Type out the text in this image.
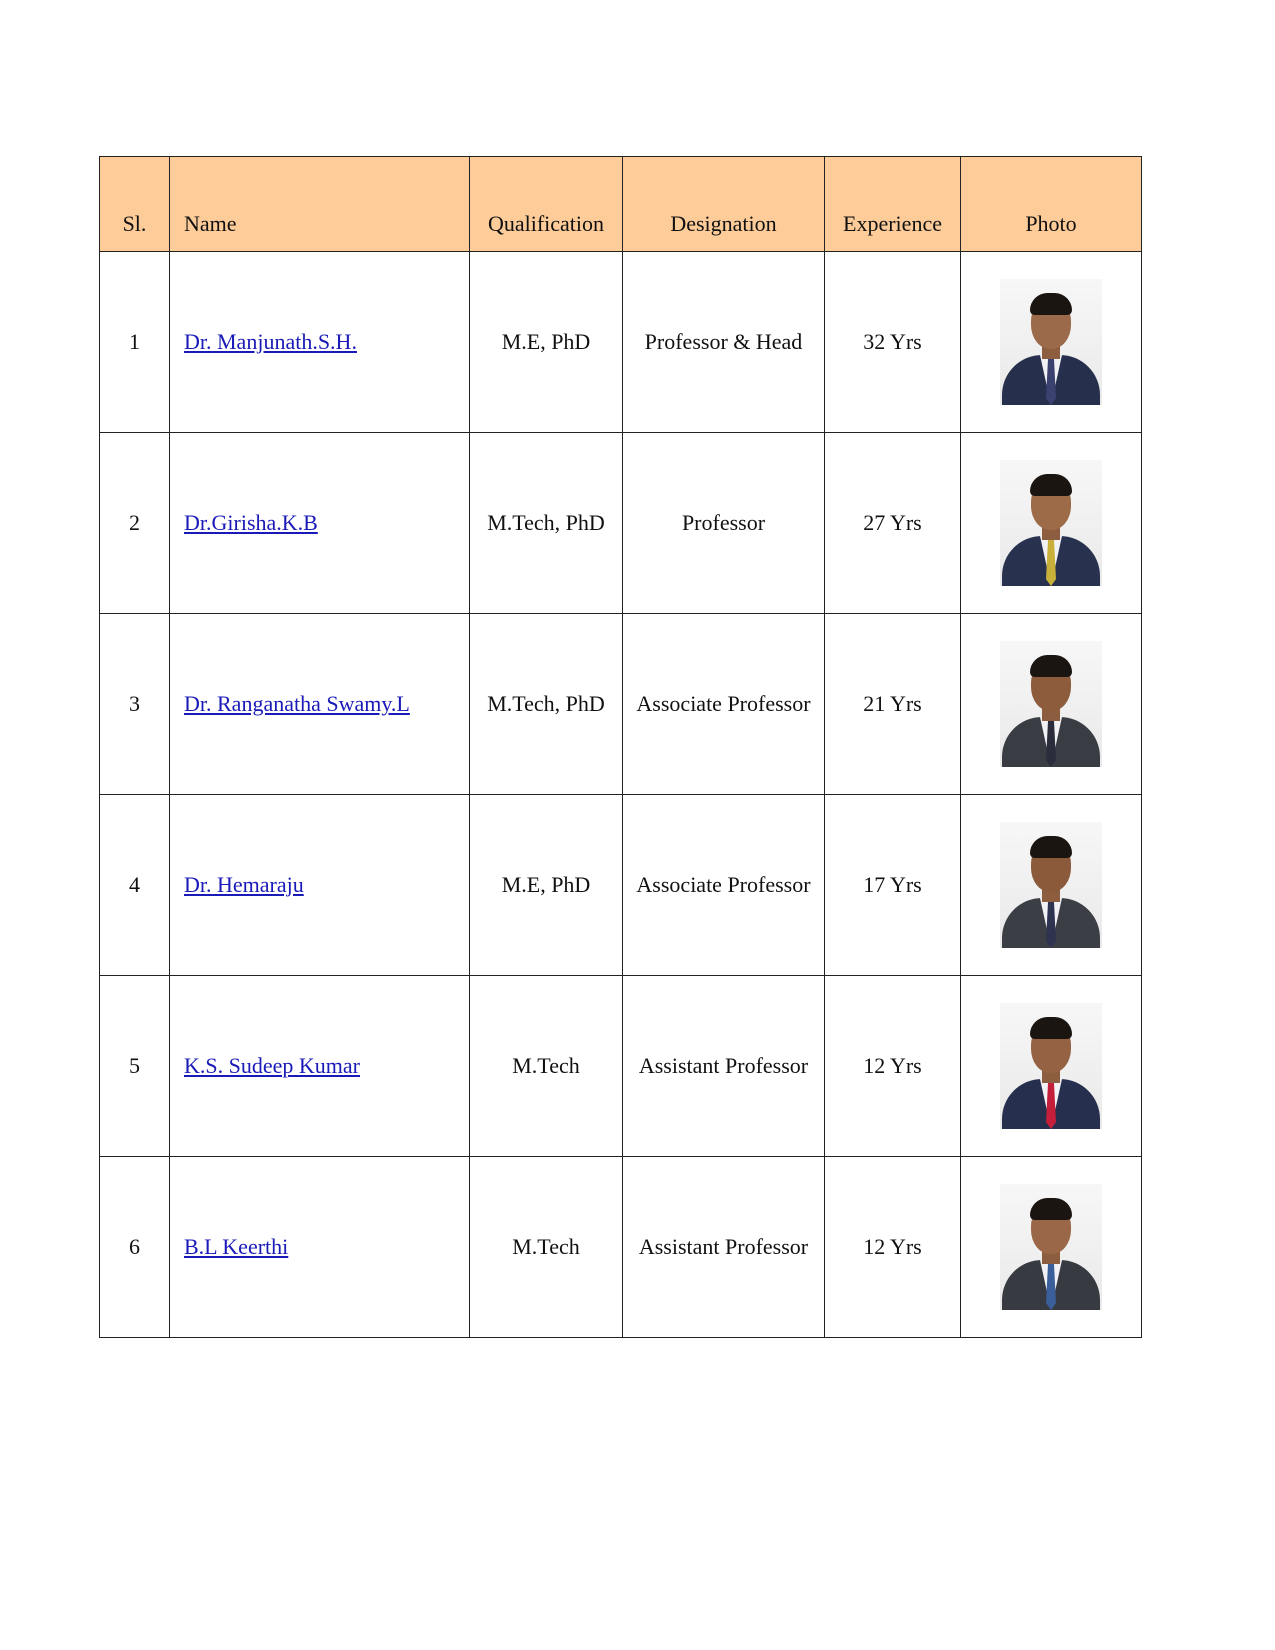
Sl.	Name	Qualification	Designation	Experience	Photo
1	Dr. Manjunath.S.H.	M.E, PhD	Professor & Head	32 Yrs	

2	Dr.Girisha.K.B	M.Tech, PhD	Professor	27 Yrs	

3	Dr. Ranganatha Swamy.L	M.Tech, PhD	Associate Professor	21 Yrs	

4	Dr. Hemaraju	M.E, PhD	Associate Professor	17 Yrs	

5	K.S. Sudeep Kumar	M.Tech	Assistant Professor	12 Yrs	

6	B.L Keerthi	M.Tech	Assistant Professor	12 Yrs	
